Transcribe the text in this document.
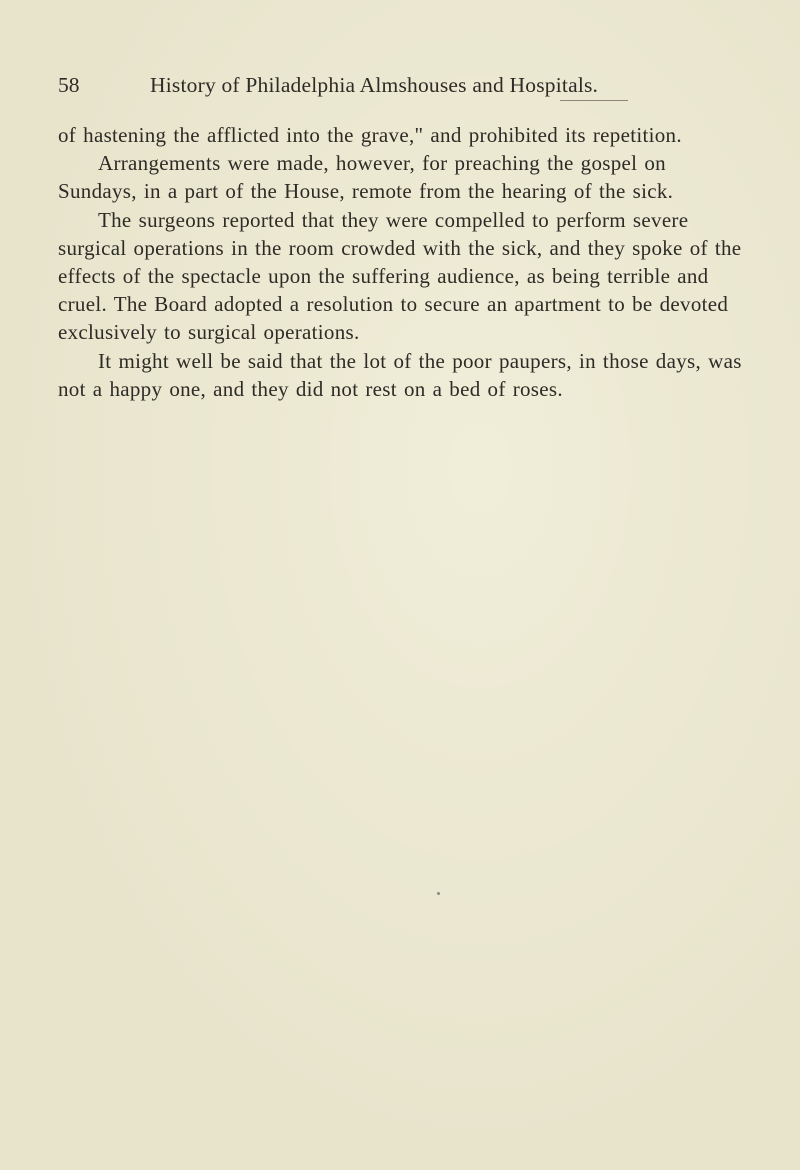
58	History of Philadelphia Almshouses and Hospitals.

of hastening the afflicted into the grave," and prohibited its repetition.

Arrangements were made, however, for preaching the gospel on Sundays, in a part of the House, remote from the hearing of the sick.

The surgeons reported that they were compelled to perform severe surgical operations in the room crowded with the sick, and they spoke of the effects of the spectacle upon the suffering audience, as being terrible and cruel. The Board adopted a resolution to secure an apartment to be devoted exclusively to surgical operations.

It might well be said that the lot of the poor paupers, in those days, was not a happy one, and they did not rest on a bed of roses.
